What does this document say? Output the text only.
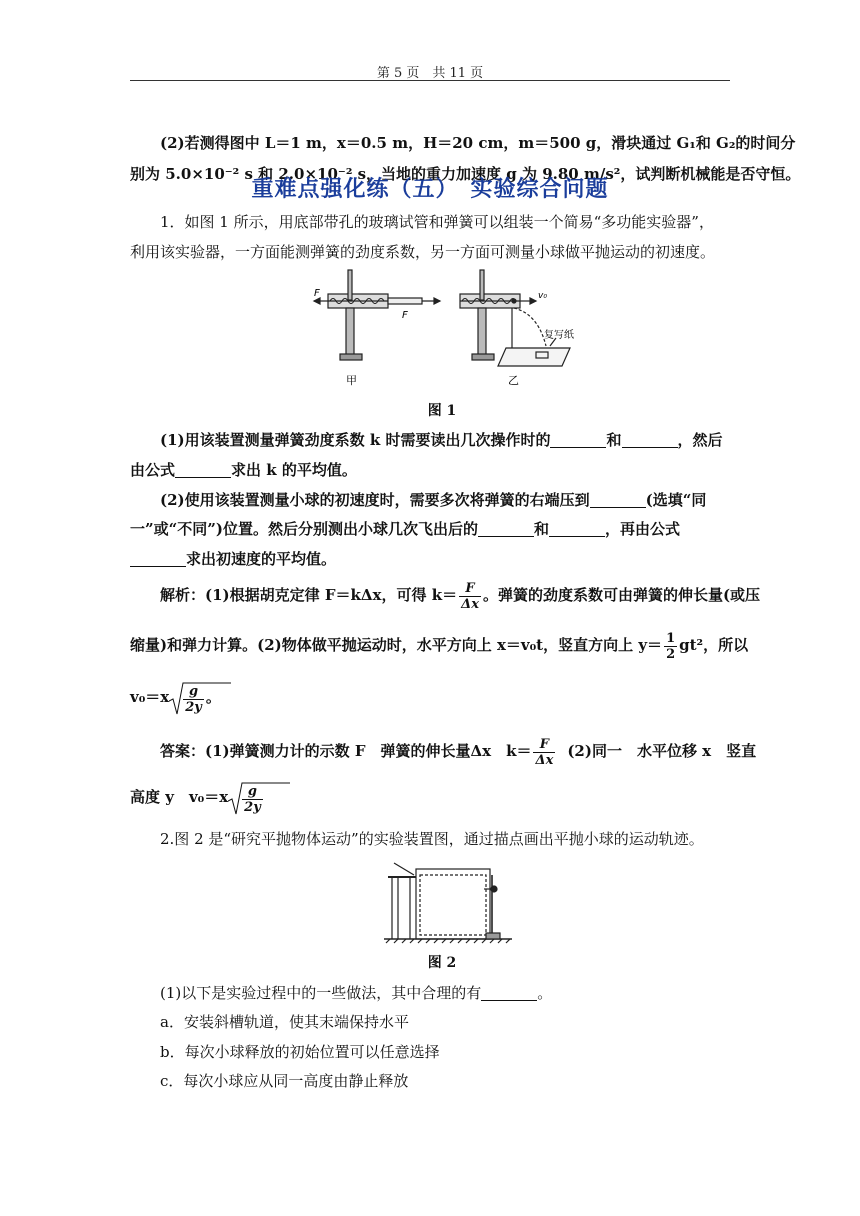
第 5 页　共 11 页
(2)若测得图中 L＝1 m，x＝0.5 m，H＝20 cm，m＝500 g，滑块通过 G₁和 G₂的时间分
别为 5.0×10⁻² s 和 2.0×10⁻² s，当地的重力加速度 g 为 9.80 m/s²，试判断机械能是否守恒。
重难点强化练（五）　实验综合问题
1．如图 1 所示，用底部带孔的玻璃试管和弹簧可以组装一个简易“多功能实验器”，
利用该实验器，一方面能测弹簧的劲度系数，另一方面可测量小球做平抛运动的初速度。
F
F
甲
v₀
复写纸
乙
图 1
(1)用该装置测量弹簧劲度系数 k 时需要读出几次操作时的	和	，然后
由公式	求出 k 的平均值。
(2)使用该装置测量小球的初速度时，需要多次将弹簧的右端压到	(选填“同
一”或“不同”)位置。然后分别测出小球几次飞出后的	和	，再由公式
求出初速度的平均值。
解析：(1)根据胡克定律 F＝kΔx，可得 $k= \frac{F}{\Delta x}$ 。弹簧的劲度系数可由弹簧的伸长量(或压
缩量)和弹力计算。(2)物体做平抛运动时，水平方向上 x＝v₀t，竖直方向上 $y= \frac{1}{2} gt^2$，所以
$v_0=x \frac{g}{2y}$ 。
答案：(1)弹簧测力计的示数 F　弹簧的伸长量Δx　$k= \frac{F}{\Delta x} (2)$同一　水平位移 x　竖直
高度 y　$v_0=x \frac{g}{2y}$
2.图 2 是“研究平抛物体运动”的实验装置图，通过描点画出平抛小球的运动轨迹。
图 2
(1)以下是实验过程中的一些做法，其中合理的有	。
a．安装斜槽轨道，使其末端保持水平
b．每次小球释放的初始位置可以任意选择
c．每次小球应从同一高度由静止释放
